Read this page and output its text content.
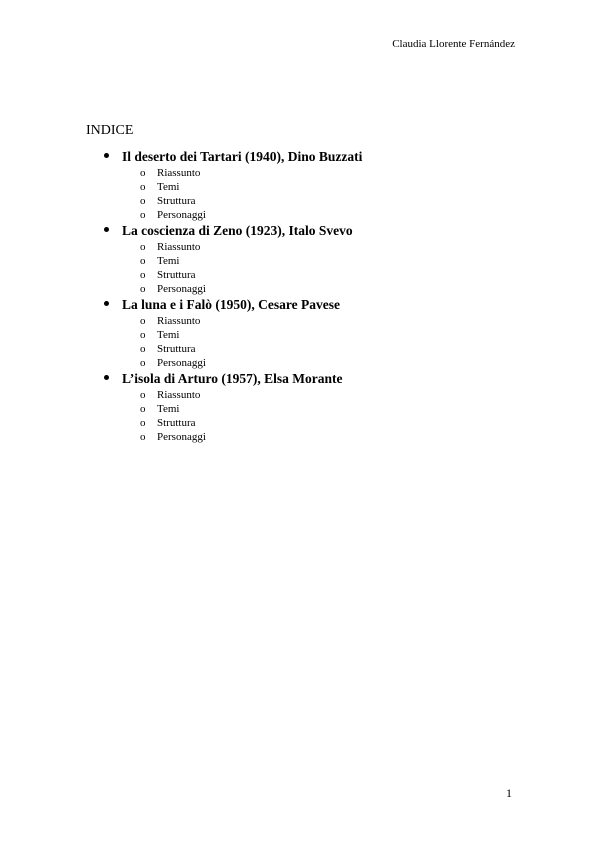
Claudia Llorente Fernández
INDICE
Il deserto dei Tartari (1940), Dino Buzzati
o Riassunto
o Temi
o Struttura
o Personaggi
La coscienza di Zeno (1923), Italo Svevo
o Riassunto
o Temi
o Struttura
o Personaggi
La luna e i Falò (1950), Cesare Pavese
o Riassunto
o Temi
o Struttura
o Personaggi
L’isola di Arturo (1957), Elsa Morante
o Riassunto
o Temi
o Struttura
o Personaggi
1
